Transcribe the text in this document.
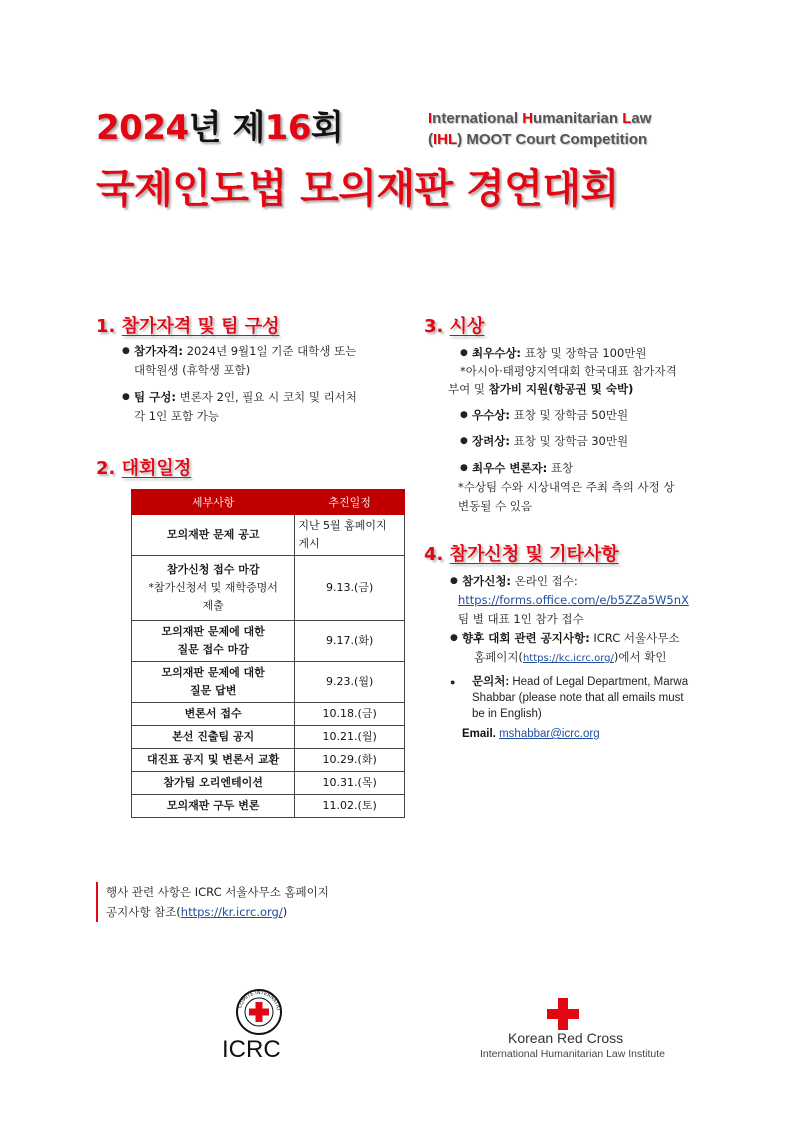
2024년 제16회
국제인도법 모의재판 경연대회
International Humanitarian Law
(IHL) MOOT Court Competition
1. 참가자격 및 팀 구성
● 참가자격: 2024년 9월1일 기준 대학생 또는
대학원생 (휴학생 포함)
● 팀 구성: 변론자 2인, 필요 시 코치 및 리서처
각 1인 포함 가능
2. 대회일정
세부사항	추진일정
모의재판 문제 공고	지난 5월 홈페이지
게시
참가신청 접수 마감
*참가신청서 및 재학증명서
제출	9.13.(금)
모의재판 문제에 대한
질문 접수 마감	9.17.(화)
모의재판 문제에 대한
질문 답변	9.23.(월)
변론서 접수	10.18.(금)
본선 진출팀 공지	10.21.(월)
대진표 공지 및 변론서 교환	10.29.(화)
참가팀 오리엔테이션	10.31.(목)
모의재판 구두 변론	11.02.(토)
3. 시상
● 최우수상: 표창 및 장학금 100만원
*아시아·태평양지역대회 한국대표 참가자격
부여 및 참가비 지원(항공권 및 숙박)
● 우수상: 표창 및 장학금 50만원
● 장려상: 표창 및 장학금 30만원
● 최우수 변론자: 표창
*수상팀 수와 시상내역은 주최 측의 사정 상
변동될 수 있음
4. 참가신청 및 기타사항
● 참가신청: 온라인 접수:
https://forms.office.com/e/b5ZZa5W5nX
팀 별 대표 1인 참가 접수
● 향후 대회 관련 공지사항: ICRC 서울사무소
홈페이지(https://kc.icrc.org/)에서 확인
● 문의처: Head of Legal Department, Marwa
Shabbar (please note that all emails must
be in English)
Email. mshabbar@icrc.org
행사 관련 사항은 ICRC 서울사무소 홈페이지
공지사항 참조(https://kr.icrc.org/)
COMITE INTERNATIO
ICRC	Korean Red Cross
International Humanitarian Law Institute
